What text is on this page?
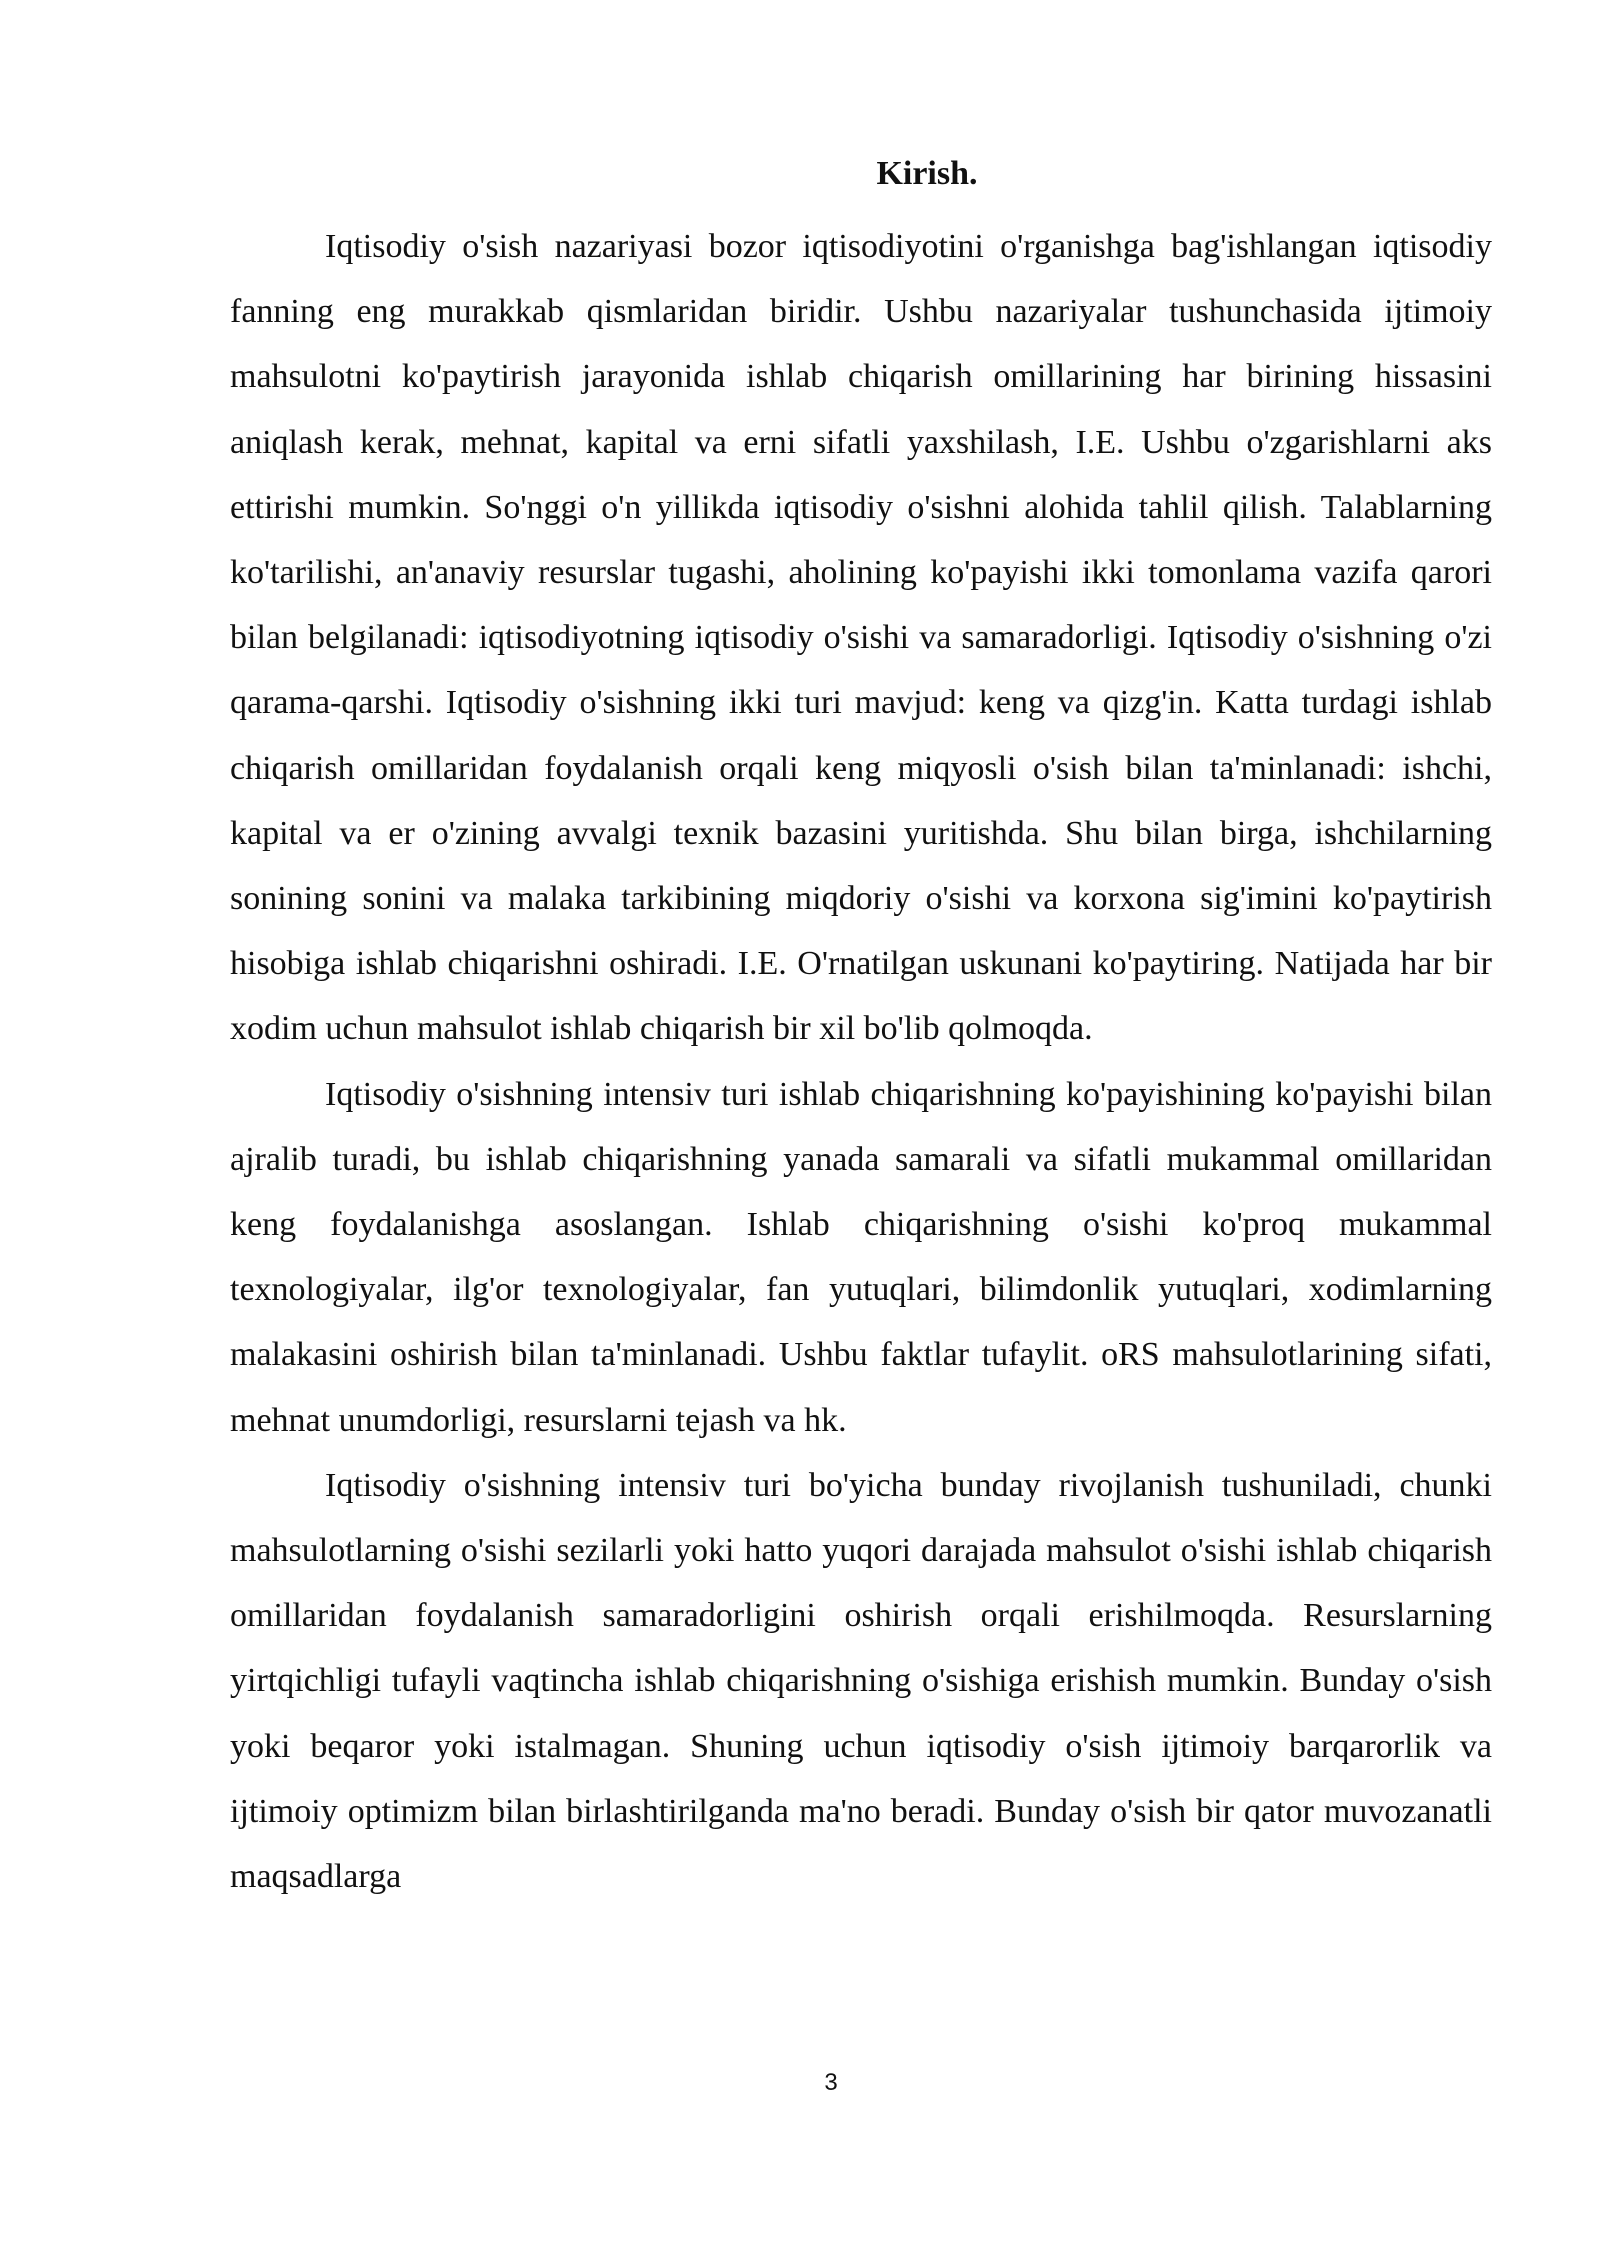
Kirish.

Iqtisodiy o'sish nazariyasi bozor iqtisodiyotini o'rganishga bag'ishlangan iqtisodiy fanning eng murakkab qismlaridan biridir. Ushbu nazariyalar tushunchasida ijtimoiy mahsulotni ko'paytirish jarayonida ishlab chiqarish omillarining har birining hissasini aniqlash kerak, mehnat, kapital va erni sifatli yaxshilash, I.E. Ushbu o'zgarishlarni aks ettirishi mumkin. So'nggi o'n yillikda iqtisodiy o'sishni alohida tahlil qilish. Talablarning ko'tarilishi, an'anaviy resurslar tugashi, aholining ko'payishi ikki tomonlama vazifa qarori bilan belgilanadi: iqtisodiyotning iqtisodiy o'sishi va samaradorligi. Iqtisodiy o'sishning o'zi qarama-qarshi. Iqtisodiy o'sishning ikki turi mavjud: keng va qizg'in. Katta turdagi ishlab chiqarish omillaridan foydalanish orqali keng miqyosli o'sish bilan ta'minlanadi: ishchi, kapital va er o'zining avvalgi texnik bazasini yuritishda. Shu bilan birga, ishchilarning sonining sonini va malaka tarkibining miqdoriy o'sishi va korxona sig'imini ko'paytirish hisobiga ishlab chiqarishni oshiradi. I.E. O'rnatilgan uskunani ko'paytiring. Natijada har bir xodim uchun mahsulot ishlab chiqarish bir xil bo'lib qolmoqda.

Iqtisodiy o'sishning intensiv turi ishlab chiqarishning ko'payishining ko'payishi bilan ajralib turadi, bu ishlab chiqarishning yanada samarali va sifatli mukammal omillaridan keng foydalanishga asoslangan. Ishlab chiqarishning o'sishi ko'proq mukammal texnologiyalar, ilg'or texnologiyalar, fan yutuqlari, bilimdonlik yutuqlari, xodimlarning malakasini oshirish bilan ta'minlanadi. Ushbu faktlar tufaylit. oRS mahsulotlarining sifati, mehnat unumdorligi, resurslarni tejash va hk.

Iqtisodiy o'sishning intensiv turi bo'yicha bunday rivojlanish tushuniladi, chunki mahsulotlarning o'sishi sezilarli yoki hatto yuqori darajada mahsulot o'sishi ishlab chiqarish omillaridan foydalanish samaradorligini oshirish orqali erishilmoqda. Resurslarning yirtqichligi tufayli vaqtincha ishlab chiqarishning o'sishiga erishish mumkin. Bunday o'sish yoki beqaror yoki istalmagan. Shuning uchun iqtisodiy o'sish ijtimoiy barqarorlik va ijtimoiy optimizm bilan birlashtirilganda ma'no beradi. Bunday o'sish bir qator muvozanatli maqsadlarga

3
